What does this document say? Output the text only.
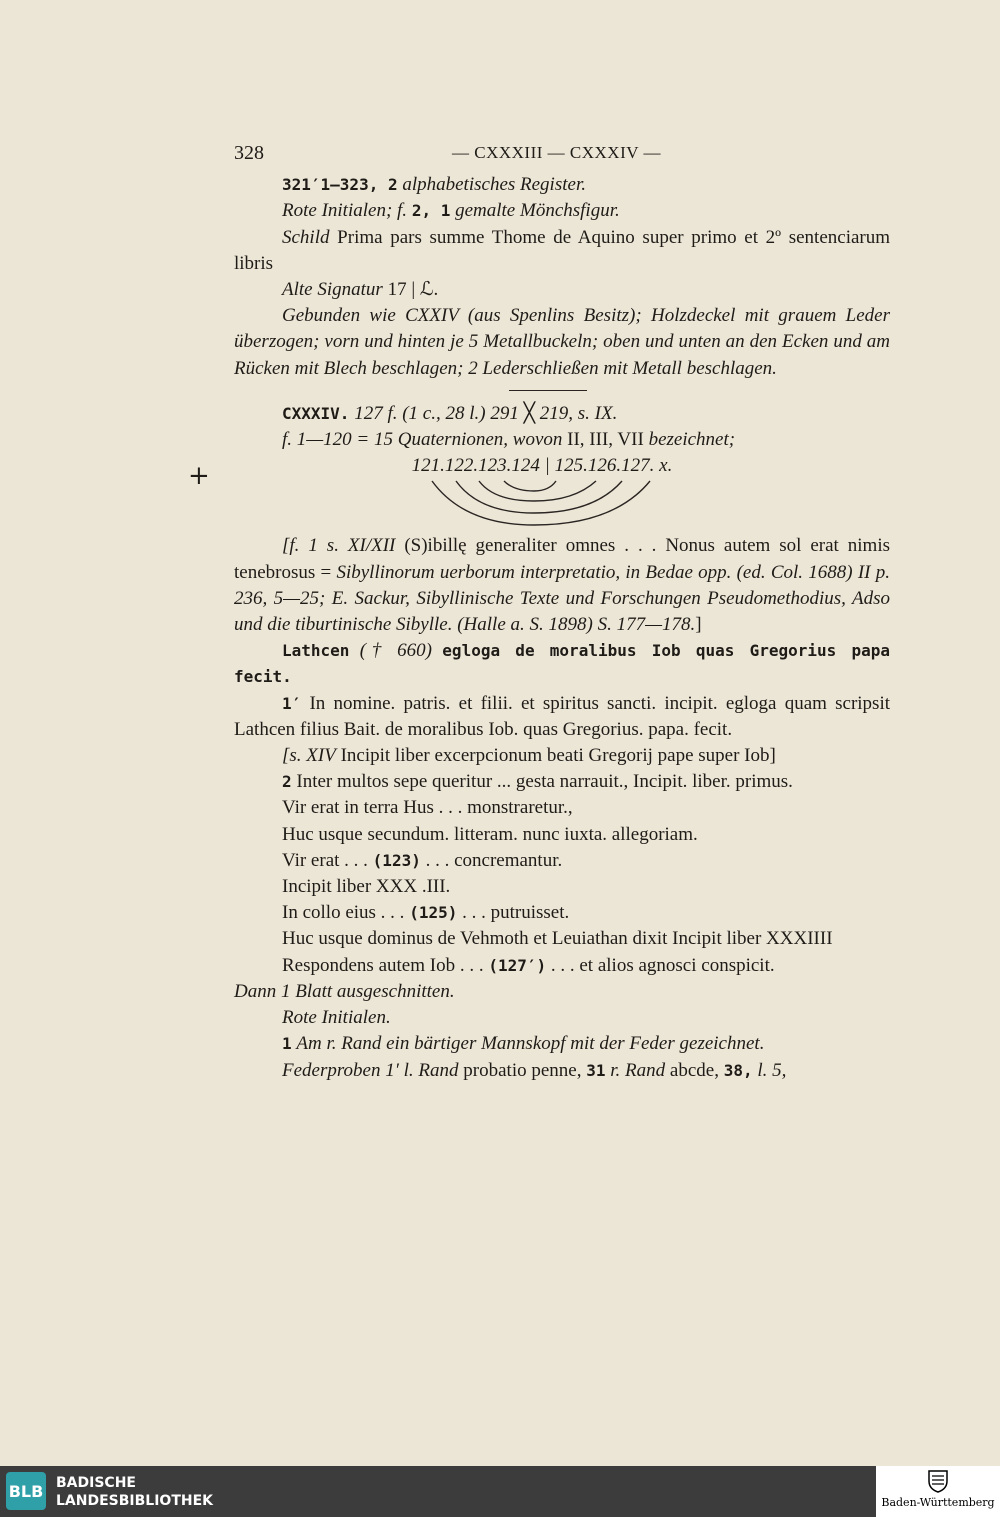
+
328	— CXXXIII — CXXXIV —

321′1—323, 2 alphabetisches Register.

Rote Initialen; f. 2, 1 gemalte Mönchsfigur.

Schild Prima pars summe Thome de Aquino super primo et 2º sentenciarum libris

Alte Signatur 17 | ℒ.

Gebunden wie CXXIV (aus Spenlins Besitz); Holzdeckel mit grauem Leder überzogen; vorn und hinten je 5 Metallbuckeln; oben und unten an den Ecken und am Rücken mit Blech beschlagen; 2 Lederschließen mit Metall beschlagen.

CXXXIV. 127 f. (1 c., 28 l.) 291 ╳ 219, s. IX.

f. 1—120 = 15 Quaternionen, wovon II, III, VII bezeichnet;

121.122.123.124 | 125.126.127. x.

[f. 1 s. XI/XII (S)ibillę generaliter omnes . . . Nonus autem sol erat nimis tenebrosus = Sibyllinorum uerborum interpretatio, in Bedae opp. (ed. Col. 1688) II p. 236, 5—25; E. Sackur, Sibyllinische Texte und Forschungen Pseudomethodius, Adso und die tiburtinische Sibylle. (Halle a. S. 1898) S. 177—178.]

Lathcen († 660) egloga de moralibus Iob quas Gregorius papa fecit.

1′ In nomine. patris. et filii. et spiritus sancti. incipit. egloga quam scripsit Lathcen filius Bait. de moralibus Iob. quas Gregorius. papa. fecit.

[s. XIV Incipit liber excerpcionum beati Gregorij pape super Iob]

2 Inter multos sepe queritur ... gesta narrauit., Incipit. liber. primus.

Vir erat in terra Hus . . . monstraretur.,

Huc usque secundum. litteram. nunc iuxta. allegoriam.

Vir erat . . . (123) . . . concremantur.

Incipit liber XXX .III.

In collo eius . . . (125) . . . putruisset.

Huc usque dominus de Vehmoth et Leuiathan dixit Incipit liber XXXIIII

Respondens autem Iob . . . (127′) . . . et alios agnosci conspicit.

Dann 1 Blatt ausgeschnitten.

Rote Initialen.

1 Am r. Rand ein bärtiger Mannskopf mit der Feder gezeichnet.

Federproben 1′ l. Rand probatio penne, 31 r. Rand abcde, 38, l. 5,

BLB BADISCHE
LANDESBIBLIOTHEK	Baden-Württemberg
